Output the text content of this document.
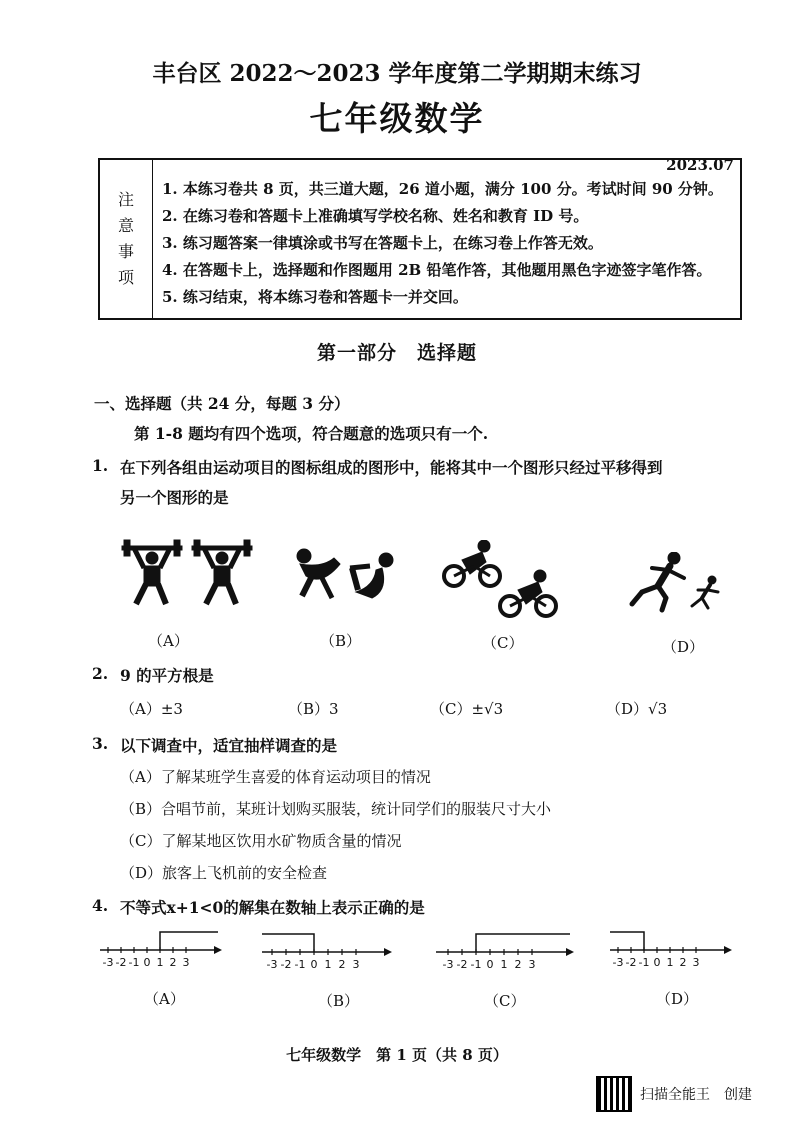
丰台区 2022～2023 学年度第二学期期末练习
七年级数学
2023.07
注
意
事
项
1. 本练习卷共 8 页，共三道大题，26 道小题，满分 100 分。考试时间 90 分钟。
2. 在练习卷和答题卡上准确填写学校名称、姓名和教育 ID 号。
3. 练习题答案一律填涂或书写在答题卡上，在练习卷上作答无效。
4. 在答题卡上，选择题和作图题用 2B 铅笔作答，其他题用黑色字迹签字笔作答。
5. 练习结束，将本练习卷和答题卡一并交回。
第一部分　选择题
一、选择题（共 24 分，每题 3 分）
第 1-8 题均有四个选项，符合题意的选项只有一个.
1. 在下列各组由运动项目的图标组成的图形中，能将其中一个图形只经过平移得到
另一个图形的是
（A）	（B）	（C）	（D）
2. 9 的平方根是
（A）±3	（B）3	（C）±√3	（D）√3
3. 以下调查中，适宜抽样调查的是
（A）了解某班学生喜爱的体育运动项目的情况
（B）合唱节前，某班计划购买服装，统计同学们的服装尺寸大小
（C）了解某地区饮用水矿物质含量的情况
（D）旅客上飞机前的安全检查
4. 不等式x+1<0的解集在数轴上表示正确的是
-3 -2 -1 0 1 2 3	-3 -2 -1 0 1 2 3	-3 -2 -1 0 1 2 3	-3 -2 -1 0 1 2 3
（A）	（B）	（C）	（D）
七年级数学　第 1 页（共 8 页）
扫描全能王　创建
